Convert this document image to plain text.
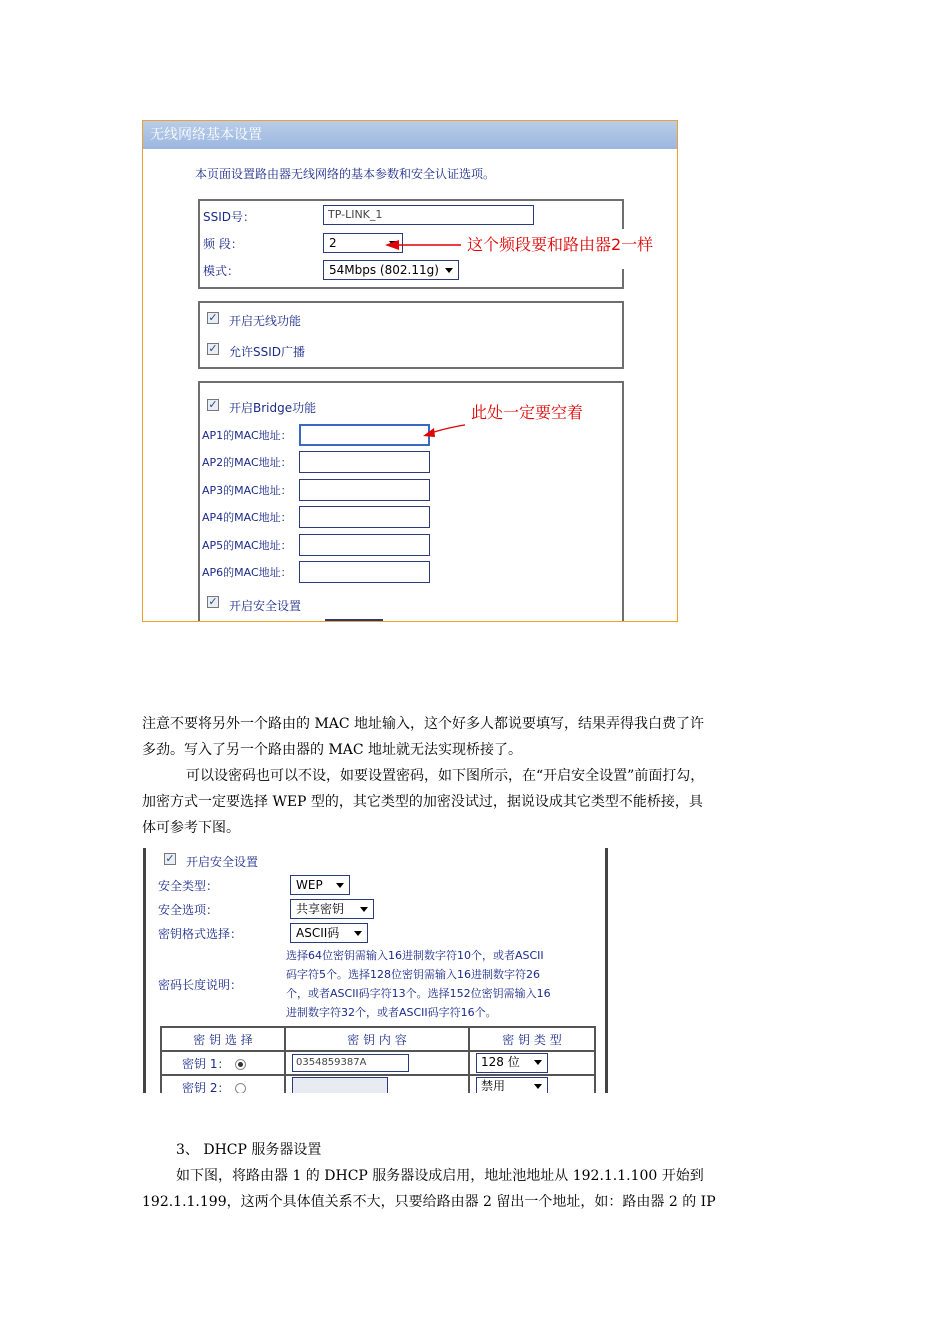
无线网络基本设置
本页面设置路由器无线网络的基本参数和安全认证选项。
SSID号：	TP-LINK_1
频 段：	2
模式：	54Mbps (802.11g)
这个频段要和路由器2一样
✓ 开启无线功能
✓ 允许SSID广播
✓ 开启Bridge功能
AP1的MAC地址：
AP2的MAC地址：
AP3的MAC地址：
AP4的MAC地址：
AP5的MAC地址：
AP6的MAC地址：
✓ 开启安全设置
此处一定要空着
注意不要将另外一个路由的 MAC 地址输入，这个好多人都说要填写，结果弄得我白费了许
多劲。写入了另一个路由器的 MAC 地址就无法实现桥接了。
可以设密码也可以不设，如要设置密码，如下图所示，在“开启安全设置”前面打勾，
加密方式一定要选择 WEP 型的，其它类型的加密没试过，据说设成其它类型不能桥接，具
体可参考下图。
✓ 开启安全设置
安全类型：	WEP
安全选项：	共享密钥
密钥格式选择：	ASCII码
密码长度说明：
选择64位密钥需输入16进制数字符10个，或者ASCII
码字符5个。选择128位密钥需输入16进制数字符26
个，或者ASCII码字符13个。选择152位密钥需输入16
进制数字符32个，或者ASCII码字符16个。
密 钥 选 择	密 钥 内 容	密 钥 类 型
密钥 1：	0354859387A	128 位

密钥 2：		禁用
3、 DHCP 服务器设置
如下图，将路由器 1 的 DHCP 服务器设成启用，地址池地址从 192.1.1.100 开始到
192.1.1.199，这两个具体值关系不大，只要给路由器 2 留出一个地址，如：路由器 2 的 IP
